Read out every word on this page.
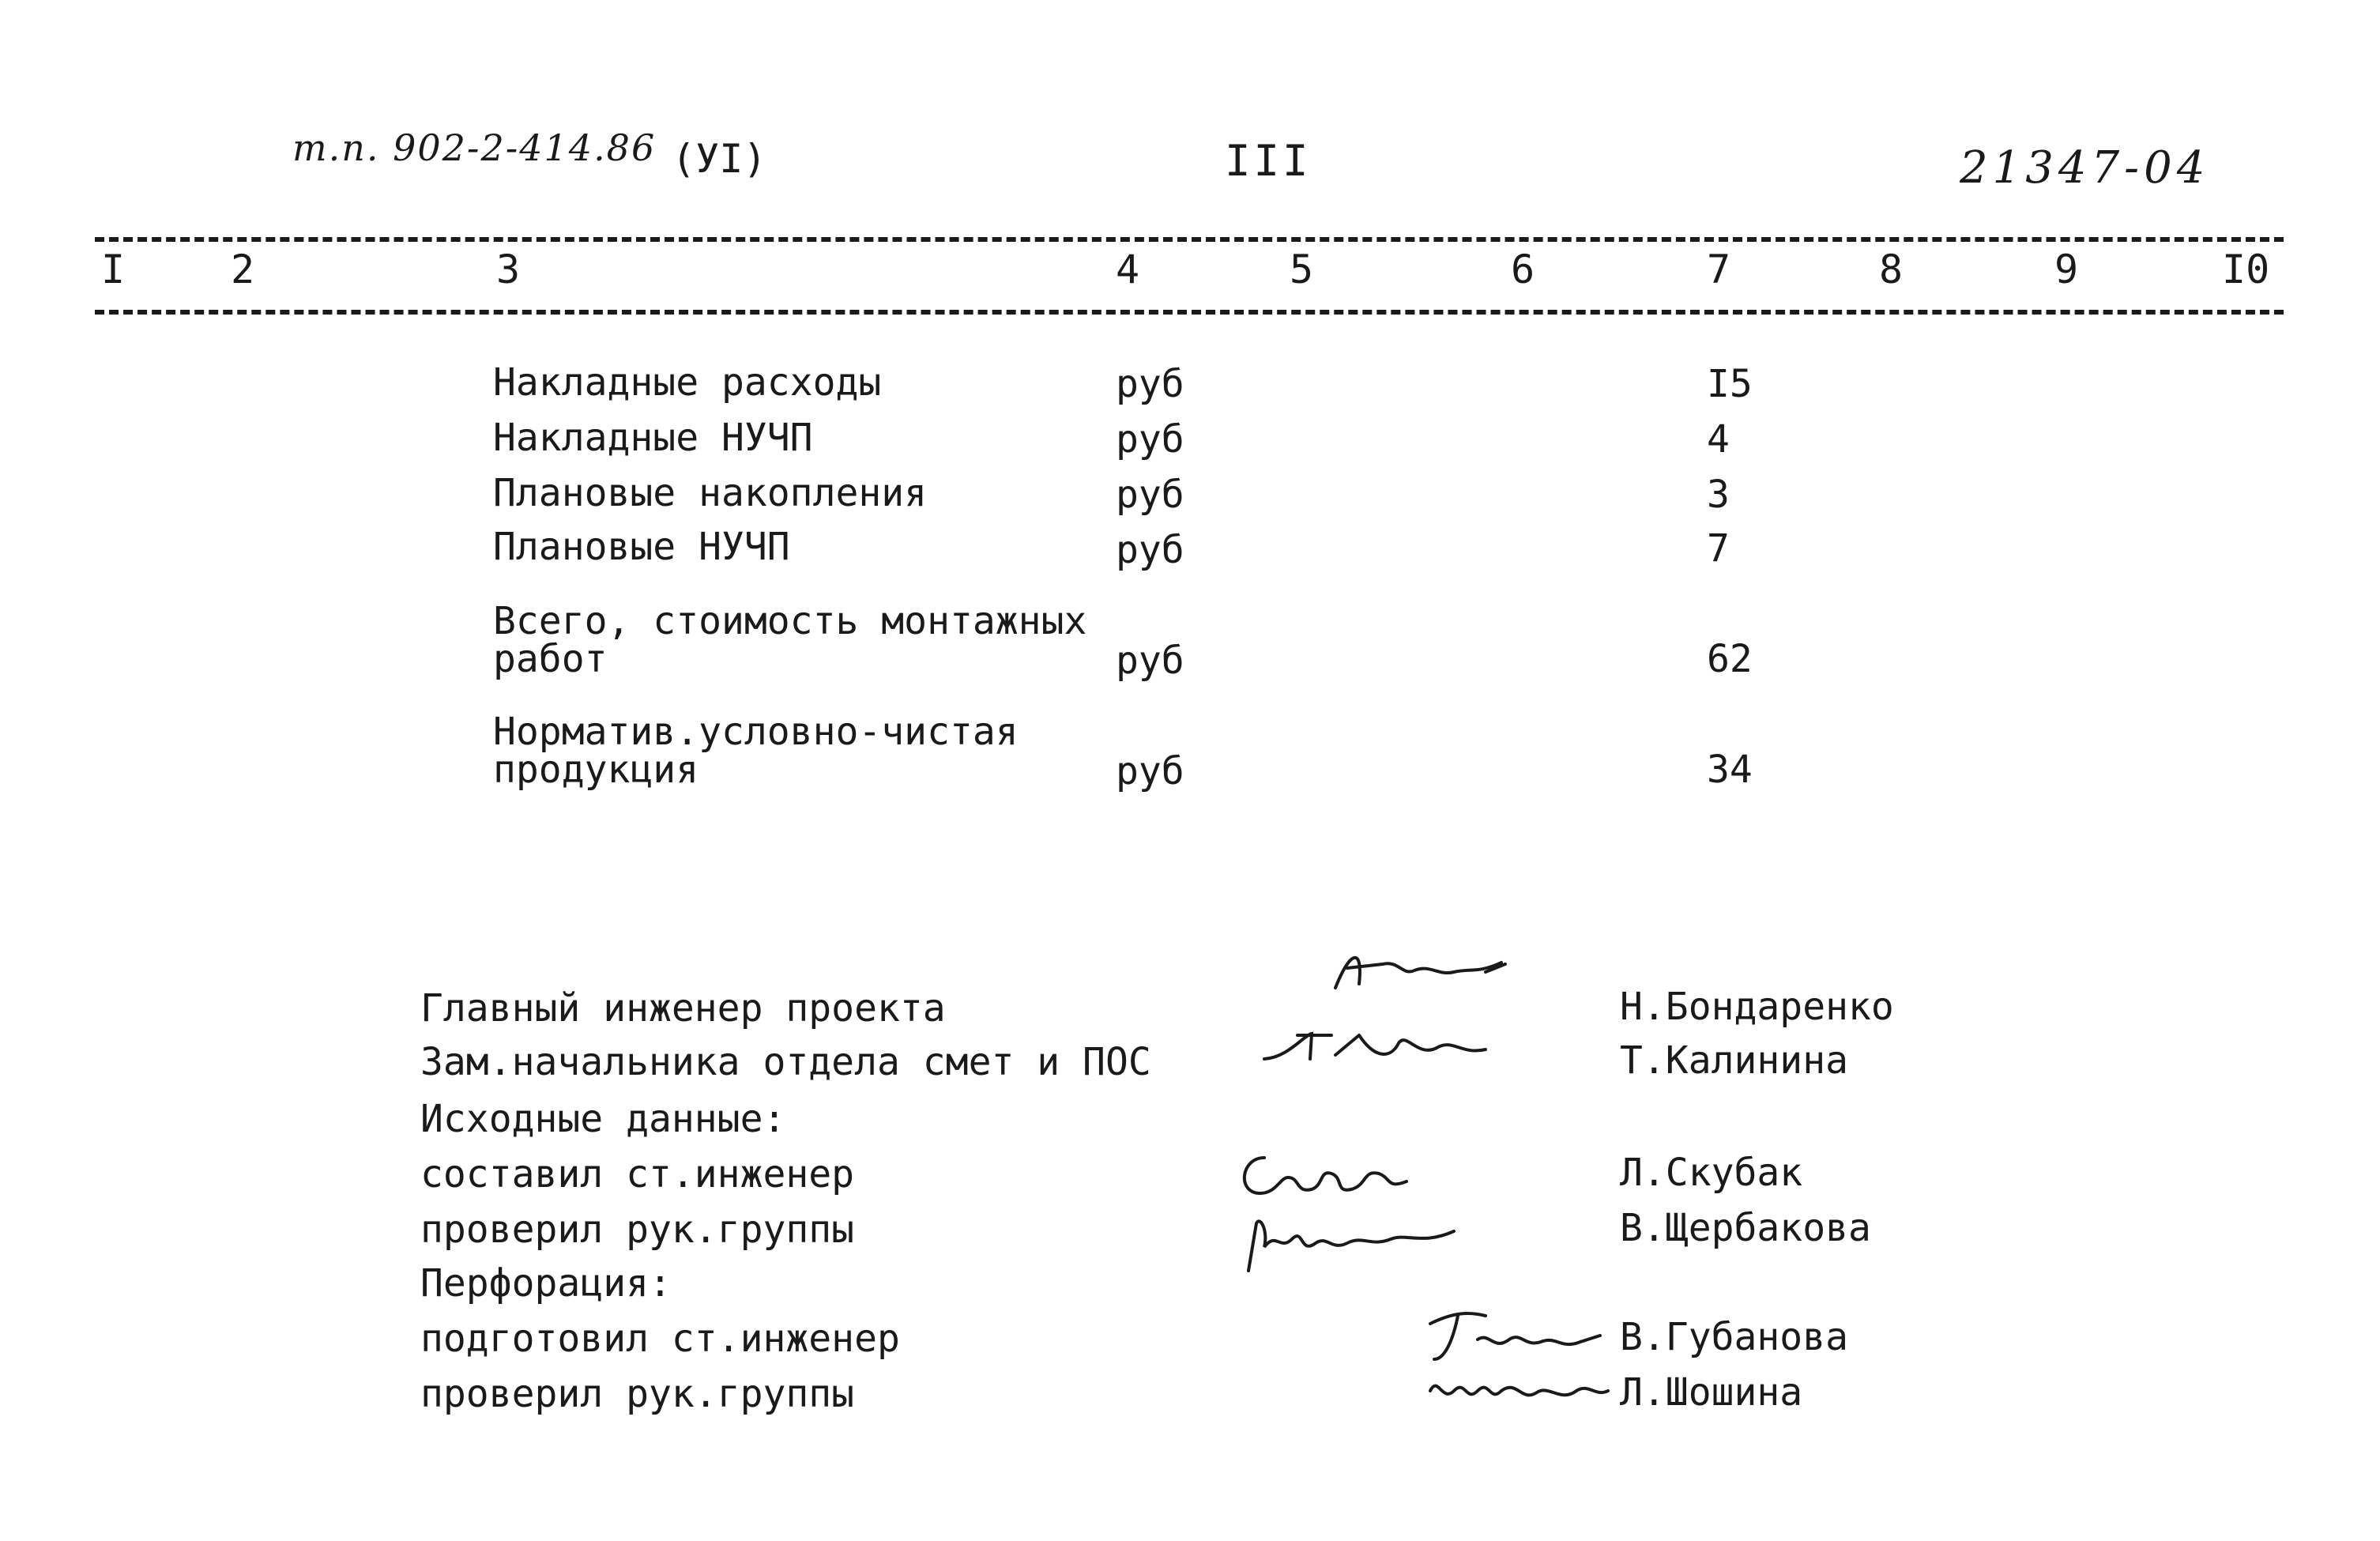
т.п. 902-2-414.86 (УI)	III	21347-04
I	2	3	4	5	6	7	8	9	I0
Накладные расходы	руб	I5
Накладные НУЧП	руб	4
Плановые накопления	руб	3
Плановые НУЧП	руб	7
Всего, стоимость монтажных
работ	руб	62
Норматив.условно-чистая
продукция	руб	34
Главный инженер проекта	Н.Бондаренко
Зам.начальника отдела смет и ПОС	Т.Калинина
Исходные данные:
составил ст.инженер	Л.Скубак
проверил рук.группы	В.Щербакова
Перфорация:
подготовил ст.инженер	В.Губанова
проверил рук.группы	Л.Шошина
